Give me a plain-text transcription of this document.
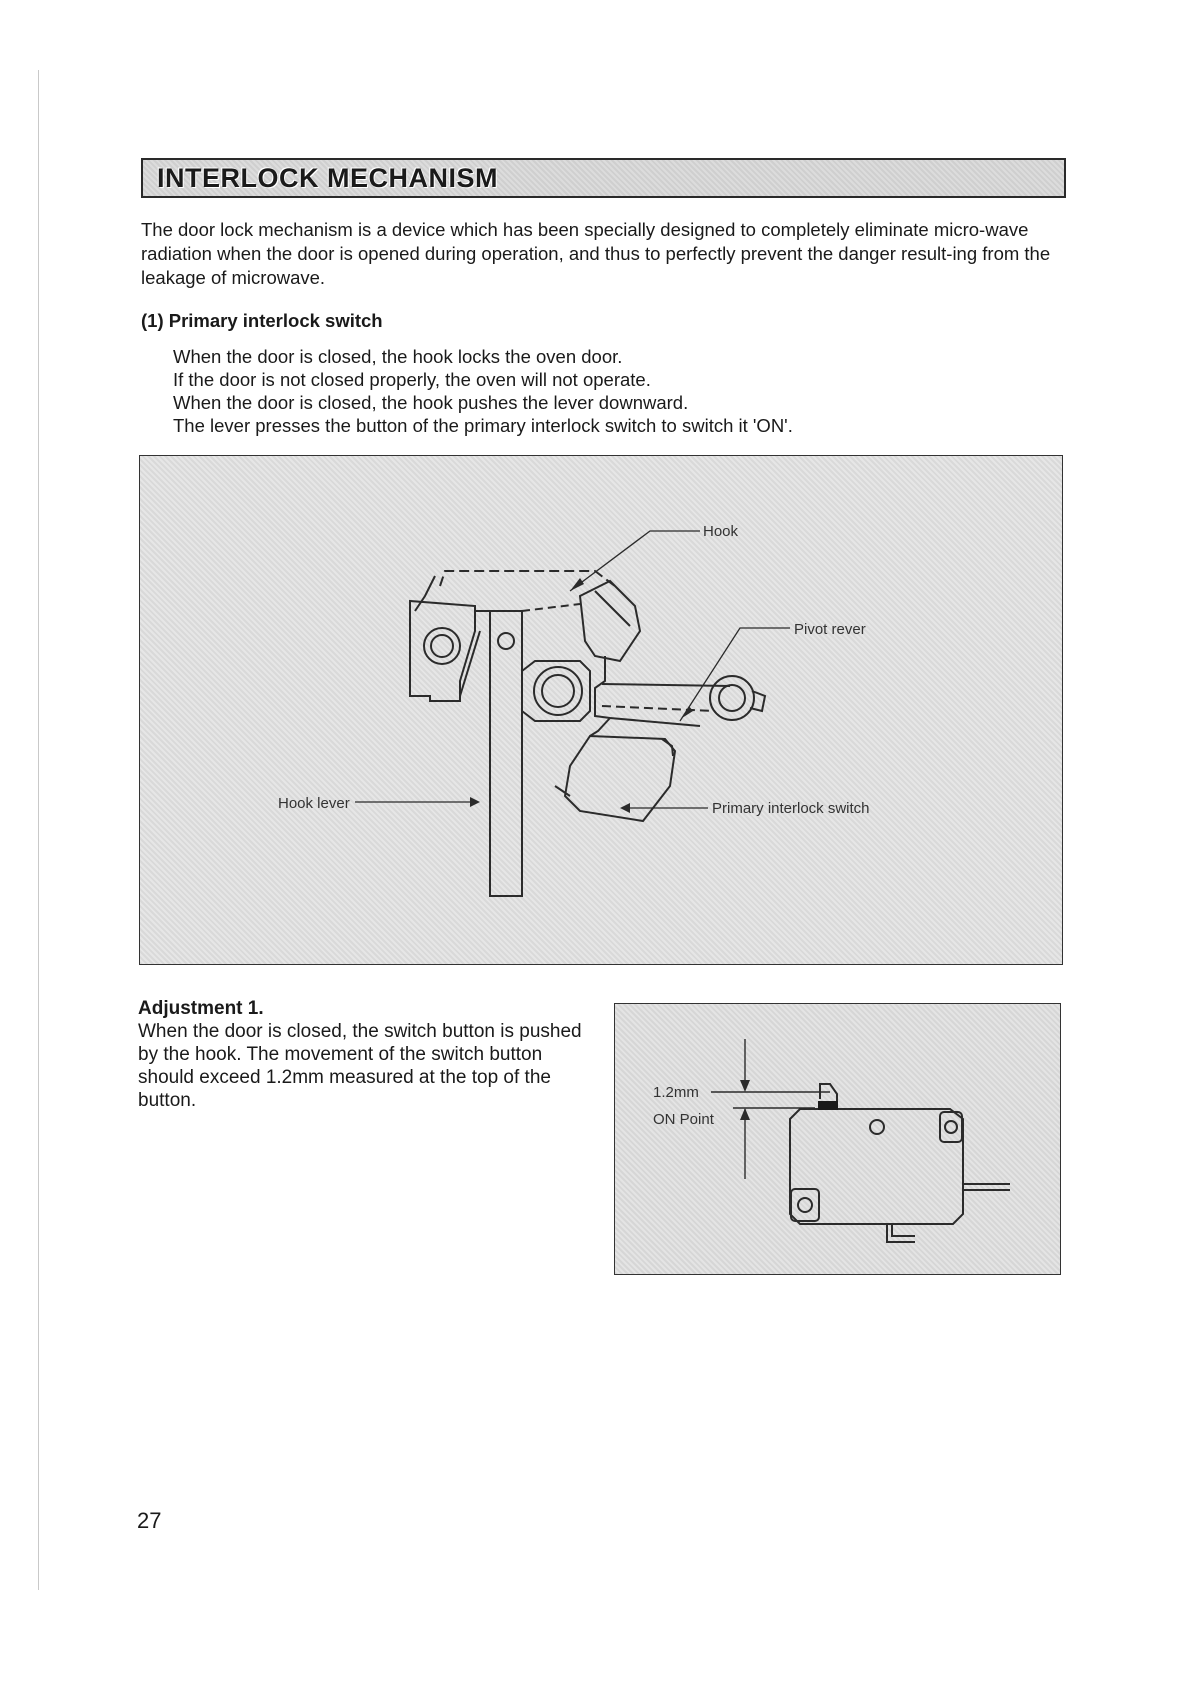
INTERLOCK MECHANISM

The door lock mechanism is a device which has been specially designed to completely eliminate micro-wave radiation when the door is opened during operation, and thus to perfectly prevent the danger result-ing from the leakage of microwave.

(1) Primary interlock switch
When the door is closed, the hook locks the oven door.
If the door is not closed properly, the oven will not operate.
When the door is closed, the hook pushes the lever downward.
The lever presses the button of the primary interlock switch to switch it 'ON'.
Hook
Pivot rever
Hook lever	Primary interlock switch
Adjustment 1.

When the door is closed, the switch button is pushed by the hook. The movement of the switch button should exceed 1.2mm measured at the top of the button.	1.2mm
ON Point
27
